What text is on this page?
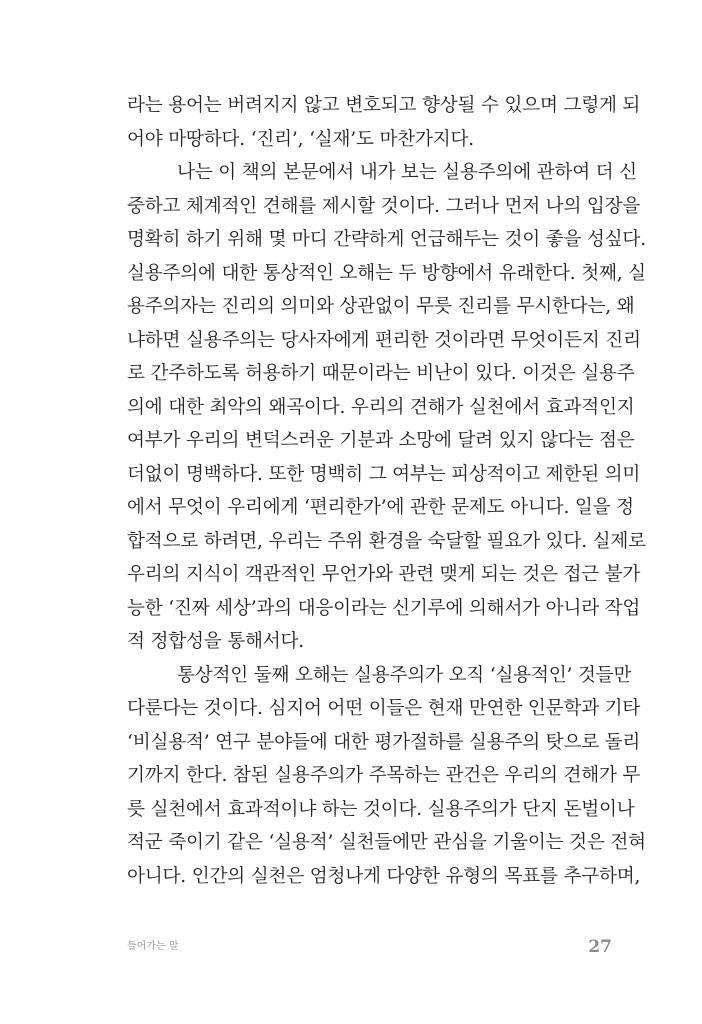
라는 용어는 버려지지 않고 변호되고 향상될 수 있으며 그렇게 되
어야 마땅하다. ‘진리’, ‘실재’도 마찬가지다.
나는 이 책의 본문에서 내가 보는 실용주의에 관하여 더 신
중하고 체계적인 견해를 제시할 것이다. 그러나 먼저 나의 입장을
명확히 하기 위해 몇 마디 간략하게 언급해두는 것이 좋을 성싶다.
실용주의에 대한 통상적인 오해는 두 방향에서 유래한다. 첫째, 실
용주의자는 진리의 의미와 상관없이 무릇 진리를 무시한다는, 왜
냐하면 실용주의는 당사자에게 편리한 것이라면 무엇이든지 진리
로 간주하도록 허용하기 때문이라는 비난이 있다. 이것은 실용주
의에 대한 최악의 왜곡이다. 우리의 견해가 실천에서 효과적인지
여부가 우리의 변덕스러운 기분과 소망에 달려 있지 않다는 점은
더없이 명백하다. 또한 명백히 그 여부는 피상적이고 제한된 의미
에서 무엇이 우리에게 ‘편리한가’에 관한 문제도 아니다. 일을 정
합적으로 하려면, 우리는 주위 환경을 숙달할 필요가 있다. 실제로
우리의 지식이 객관적인 무언가와 관련 맺게 되는 것은 접근 불가
능한 ‘진짜 세상’과의 대응이라는 신기루에 의해서가 아니라 작업
적 정합성을 통해서다.
통상적인 둘째 오해는 실용주의가 오직 ‘실용적인’ 것들만
다룬다는 것이다. 심지어 어떤 이들은 현재 만연한 인문학과 기타
‘비실용적’ 연구 분야들에 대한 평가절하를 실용주의 탓으로 돌리
기까지 한다. 참된 실용주의가 주목하는 관건은 우리의 견해가 무
릇 실천에서 효과적이냐 하는 것이다. 실용주의가 단지 돈벌이나
적군 죽이기 같은 ‘실용적’ 실천들에만 관심을 기울이는 것은 전혀
아니다. 인간의 실천은 엄청나게 다양한 유형의 목표를 추구하며,
들어가는 말	27
